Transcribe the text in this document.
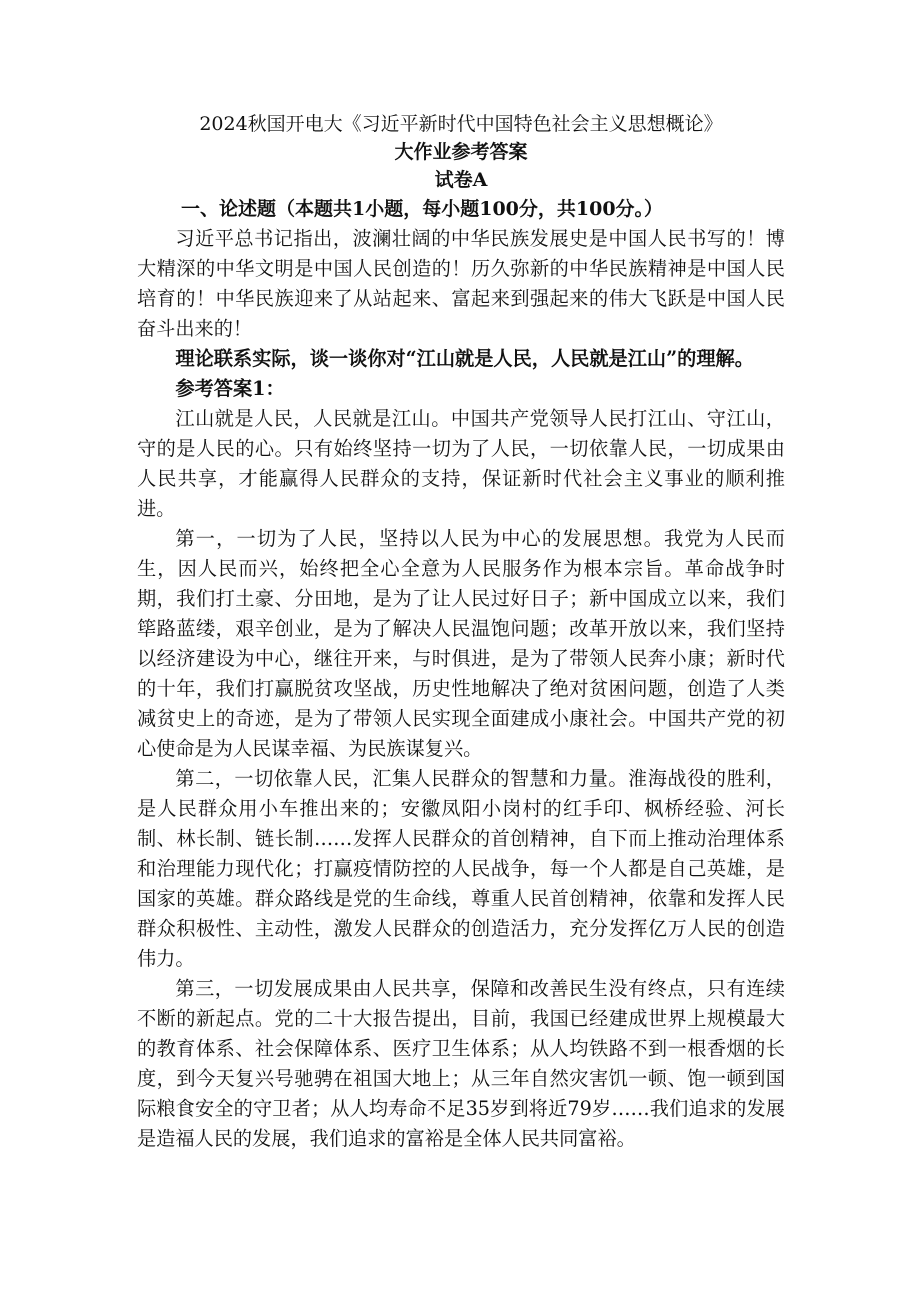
2024秋国开电大《习近平新时代中国特色社会主义思想概论》
大作业参考答案
试卷A
一、论述题（本题共1小题，每小题100分，共100分。）

习近平总书记指出，波澜壮阔的中华民族发展史是中国人民书写的！博大精深的中华文明是中国人民创造的！历久弥新的中华民族精神是中国人民培育的！中华民族迎来了从站起来、富起来到强起来的伟大飞跃是中国人民奋斗出来的！

理论联系实际，谈一谈你对“江山就是人民，人民就是江山”的理解。

参考答案1：

江山就是人民，人民就是江山。中国共产党领导人民打江山、守江山，守的是人民的心。只有始终坚持一切为了人民，一切依靠人民，一切成果由人民共享，才能赢得人民群众的支持，保证新时代社会主义事业的顺利推进。

第一，一切为了人民，坚持以人民为中心的发展思想。我党为人民而生，因人民而兴，始终把全心全意为人民服务作为根本宗旨。革命战争时期，我们打土豪、分田地，是为了让人民过好日子；新中国成立以来，我们筚路蓝缕，艰辛创业，是为了解决人民温饱问题；改革开放以来，我们坚持以经济建设为中心，继往开来，与时俱进，是为了带领人民奔小康；新时代的十年，我们打赢脱贫攻坚战，历史性地解决了绝对贫困问题，创造了人类减贫史上的奇迹，是为了带领人民实现全面建成小康社会。中国共产党的初心使命是为人民谋幸福、为民族谋复兴。

第二，一切依靠人民，汇集人民群众的智慧和力量。淮海战役的胜利，是人民群众用小车推出来的；安徽凤阳小岗村的红手印、枫桥经验、河长制、林长制、链长制……发挥人民群众的首创精神，自下而上推动治理体系和治理能力现代化；打赢疫情防控的人民战争，每一个人都是自己英雄，是国家的英雄。群众路线是党的生命线，尊重人民首创精神，依靠和发挥人民群众积极性、主动性，激发人民群众的创造活力，充分发挥亿万人民的创造伟力。

第三，一切发展成果由人民共享，保障和改善民生没有终点，只有连续不断的新起点。党的二十大报告提出，目前，我国已经建成世界上规模最大的教育体系、社会保障体系、医疗卫生体系；从人均铁路不到一根香烟的长度，到今天复兴号驰骋在祖国大地上；从三年自然灾害饥一顿、饱一顿到国际粮食安全的守卫者；从人均寿命不足35岁到将近79岁……我们追求的发展是造福人民的发展，我们追求的富裕是全体人民共同富裕。
